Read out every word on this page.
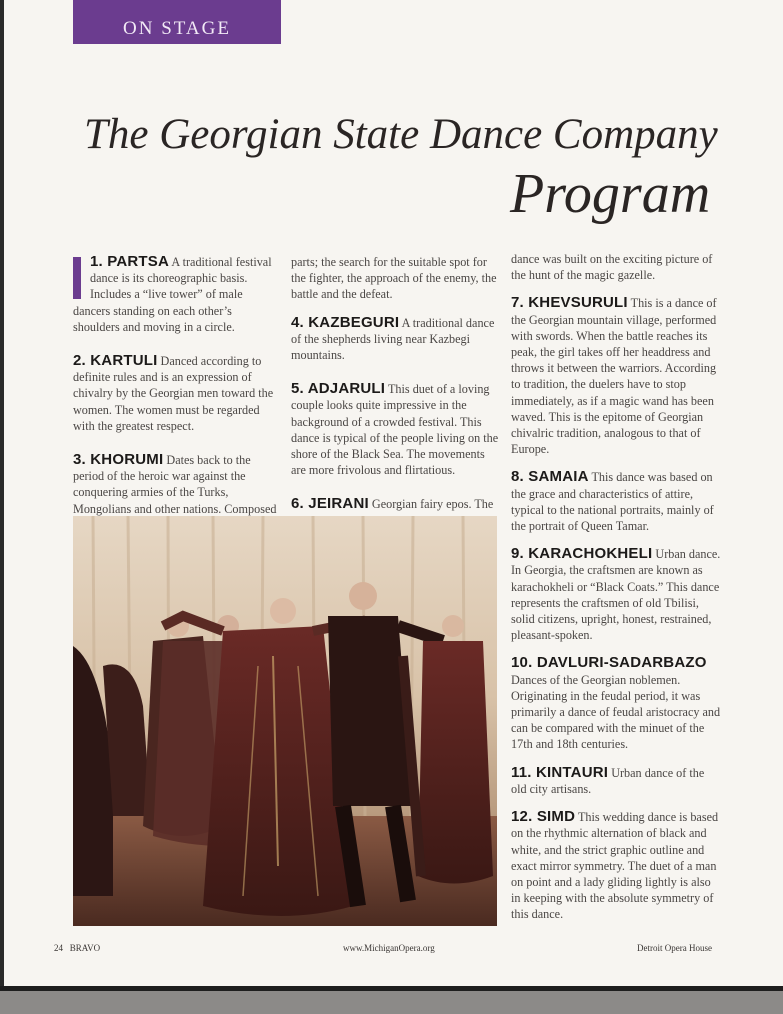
ON STAGE
The Georgian State Dance Company
Program

1. PARTSA A traditional festival dance is its choreographic basis. Includes a “live tower” of male dancers standing on each other’s shoulders and moving in a circle.

2. KARTULI Danced according to definite rules and is an expression of chivalry by the Georgian men toward the women. The women must be regarded with the greatest respect.

3. KHORUMI Dates back to the period of the heroic war against the conquering armies of the Turks, Mongolians and other nations. Composed

parts; the search for the suitable spot for the fighter, the approach of the enemy, the battle and the defeat.

4. KAZBEGURI A traditional dance of the shepherds living near Kazbegi mountains.

5. ADJARULI This duet of a loving couple looks quite impressive in the background of a crowded festival. This dance is typical of the people living on the shore of the Black Sea. The movements are more frivolous and flirtatious.

6. JEIRANI Georgian fairy epos. The

dance was built on the exciting picture of the hunt of the magic gazelle.

7. KHEVSURULI This is a dance of the Georgian mountain village, performed with swords. When the battle reaches its peak, the girl takes off her headdress and throws it between the warriors. According to tradition, the duelers have to stop immediately, as if a magic wand has been waved. This is the epitome of Georgian chivalric tradition, analogous to that of Europe.

8. SAMAIA This dance was based on the grace and characteristics of attire, typical to the national portraits, mainly of the portrait of Queen Tamar.

9. KARACHOKHELI Urban dance. In Georgia, the craftsmen are known as karachokheli or “Black Coats.” This dance represents the craftsmen of old Tbilisi, solid citizens, upright, honest, restrained, pleasant-spoken.

10. DAVLURI-SADARBAZO Dances of the Georgian noblemen. Originating in the feudal period, it was primarily a dance of feudal aristocracy and can be compared with the minuet of the 17th and 18th centuries.

11. KINTAURI Urban dance of the old city artisans.

12. SIMD This wedding dance is based on the rhythmic alternation of black and white, and the strict graphic outline and exact mirror symmetry. The duet of a man on point and a lady gliding lightly is also in keeping with the absolute symmetry of this dance.

24 BRAVO	www.MichiganOpera.org	Detroit Opera House
